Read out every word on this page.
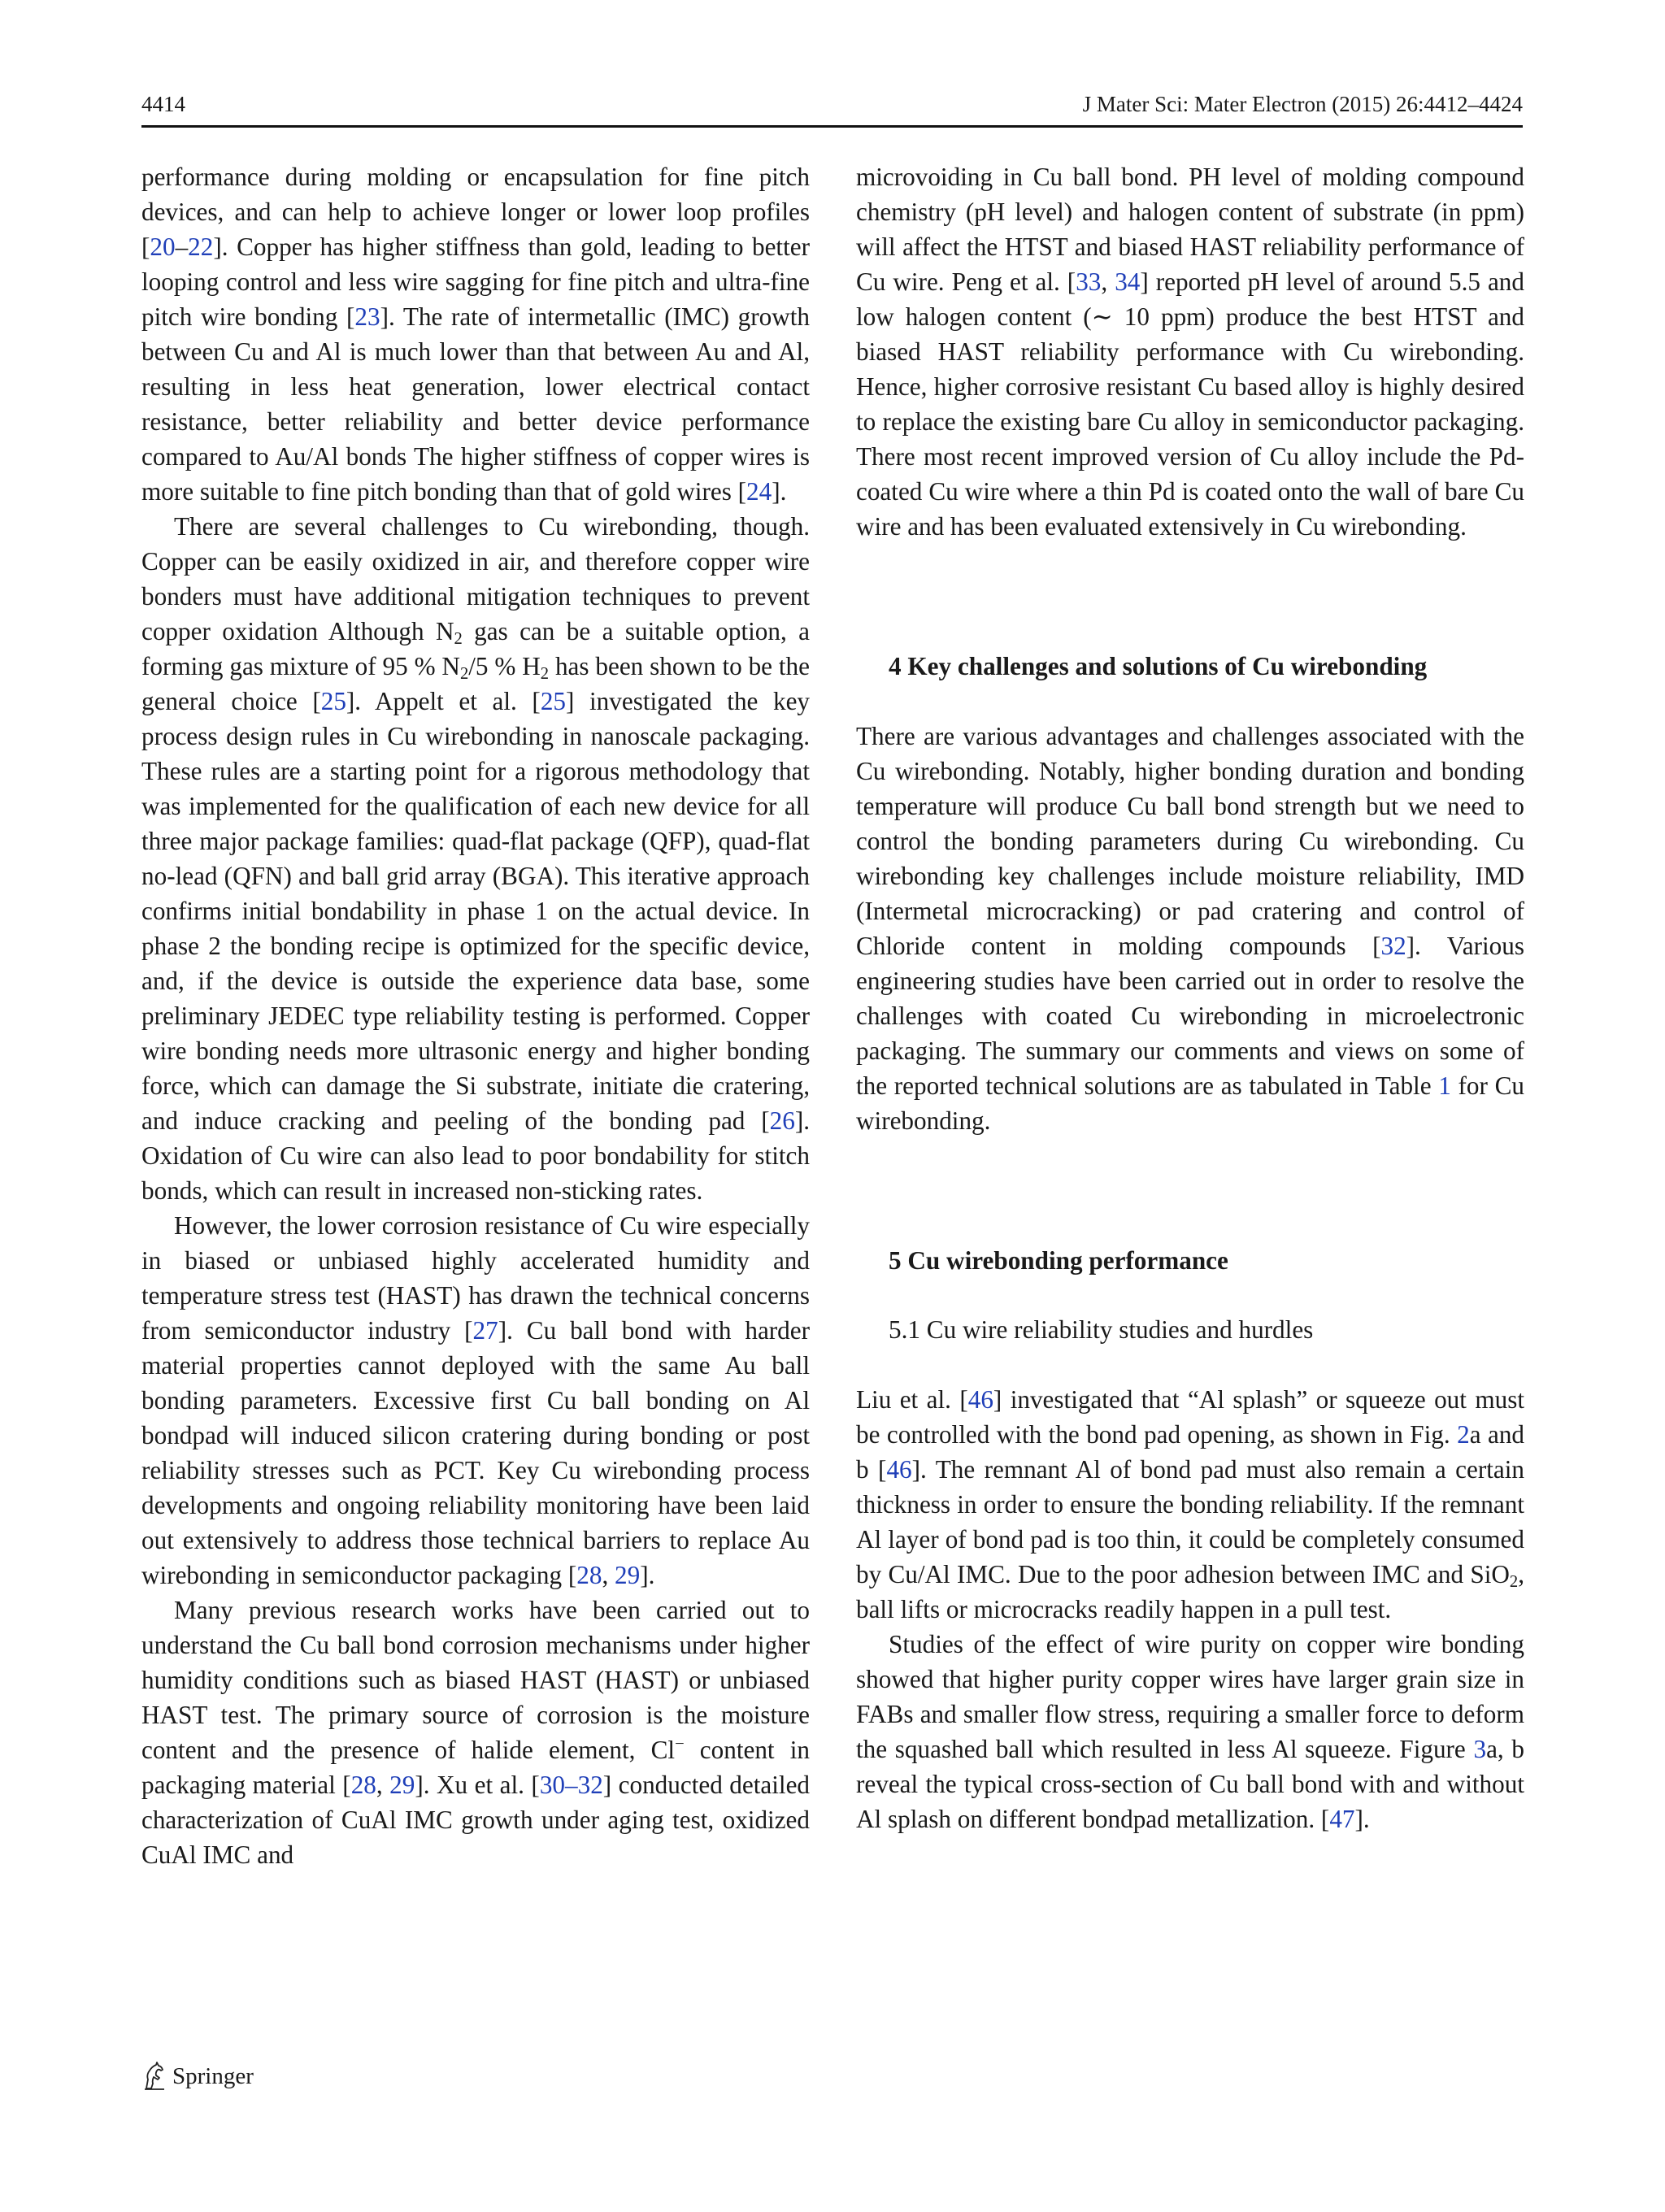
4414	J Mater Sci: Mater Electron (2015) 26:4412–4424

performance during molding or encapsulation for fine pitch devices, and can help to achieve longer or lower loop profiles [20–22]. Copper has higher stiffness than gold, leading to better looping control and less wire sagging for fine pitch and ultra-fine pitch wire bonding [23]. The rate of intermetallic (IMC) growth between Cu and Al is much lower than that between Au and Al, resulting in less heat generation, lower electrical contact resistance, better reliability and better device performance compared to Au/Al bonds The higher stiffness of copper wires is more suitable to fine pitch bonding than that of gold wires [24].

There are several challenges to Cu wirebonding, though. Copper can be easily oxidized in air, and therefore copper wire bonders must have additional mitigation techniques to prevent copper oxidation Although $N_2$ gas can be a suitable option, a forming gas mixture of 95 % $N_2/5$ % $H_2$ has been shown to be the general choice [25]. Appelt et al. [25] investigated the key process design rules in Cu wirebonding in nanoscale packaging. These rules are a starting point for a rigorous methodology that was implemented for the qualification of each new device for all three major package families: quad-flat package (QFP), quad-flat no-lead (QFN) and ball grid array (BGA). This iterative approach confirms initial bondability in phase 1 on the actual device. In phase 2 the bonding recipe is optimized for the specific device, and, if the device is outside the experience data base, some preliminary JEDEC type reliability testing is performed. Copper wire bonding needs more ultrasonic energy and higher bonding force, which can damage the Si substrate, initiate die cratering, and induce cracking and peeling of the bonding pad [26]. Oxidation of Cu wire can also lead to poor bondability for stitch bonds, which can result in increased non-sticking rates.

However, the lower corrosion resistance of Cu wire especially in biased or unbiased highly accelerated humidity and temperature stress test (HAST) has drawn the technical concerns from semiconductor industry [27]. Cu ball bond with harder material properties cannot deployed with the same Au ball bonding parameters. Excessive first Cu ball bonding on Al bondpad will induced silicon cratering during bonding or post reliability stresses such as PCT. Key Cu wirebonding process developments and ongoing reliability monitoring have been laid out extensively to address those technical barriers to replace Au wirebonding in semiconductor packaging [28, 29].

Many previous research works have been carried out to understand the Cu ball bond corrosion mechanisms under higher humidity conditions such as biased HAST (HAST) or unbiased HAST test. The primary source of corrosion is the moisture content and the presence of halide element, Cl− content in packaging material [28, 29]. Xu et al. [30–32] conducted detailed characterization of CuAl IMC growth under aging test, oxidized CuAl IMC and

microvoiding in Cu ball bond. PH level of molding compound chemistry (pH level) and halogen content of substrate (in ppm) will affect the HTST and biased HAST reliability performance of Cu wire. Peng et al. [33, 34] reported pH level of around 5.5 and low halogen content (∼ 10 ppm) produce the best HTST and biased HAST reliability performance with Cu wirebonding. Hence, higher corrosive resistant Cu based alloy is highly desired to replace the existing bare Cu alloy in semiconductor packaging. There most recent improved version of Cu alloy include the Pd-coated Cu wire where a thin Pd is coated onto the wall of bare Cu wire and has been evaluated extensively in Cu wirebonding.

4 Key challenges and solutions of Cu wirebonding

There are various advantages and challenges associated with the Cu wirebonding. Notably, higher bonding duration and bonding temperature will produce Cu ball bond strength but we need to control the bonding parameters during Cu wirebonding. Cu wirebonding key challenges include moisture reliability, IMD (Intermetal microcracking) or pad cratering and control of Chloride content in molding compounds [32]. Various engineering studies have been carried out in order to resolve the challenges with coated Cu wirebonding in microelectronic packaging. The summary our comments and views on some of the reported technical solutions are as tabulated in Table 1 for Cu wirebonding.

5 Cu wirebonding performance

5.1 Cu wire reliability studies and hurdles

Liu et al. [46] investigated that “Al splash” or squeeze out must be controlled with the bond pad opening, as shown in Fig. 2a and b [46]. The remnant Al of bond pad must also remain a certain thickness in order to ensure the bonding reliability. If the remnant Al layer of bond pad is too thin, it could be completely consumed by Cu/Al IMC. Due to the poor adhesion between IMC and SiO$_2$, ball lifts or microcracks readily happen in a pull test.

Studies of the effect of wire purity on copper wire bonding showed that higher purity copper wires have larger grain size in FABs and smaller flow stress, requiring a smaller force to deform the squashed ball which resulted in less Al squeeze. Figure 3a, b reveal the typical cross-section of Cu ball bond with and without Al splash on different bondpad metallization. [47].

Springer
